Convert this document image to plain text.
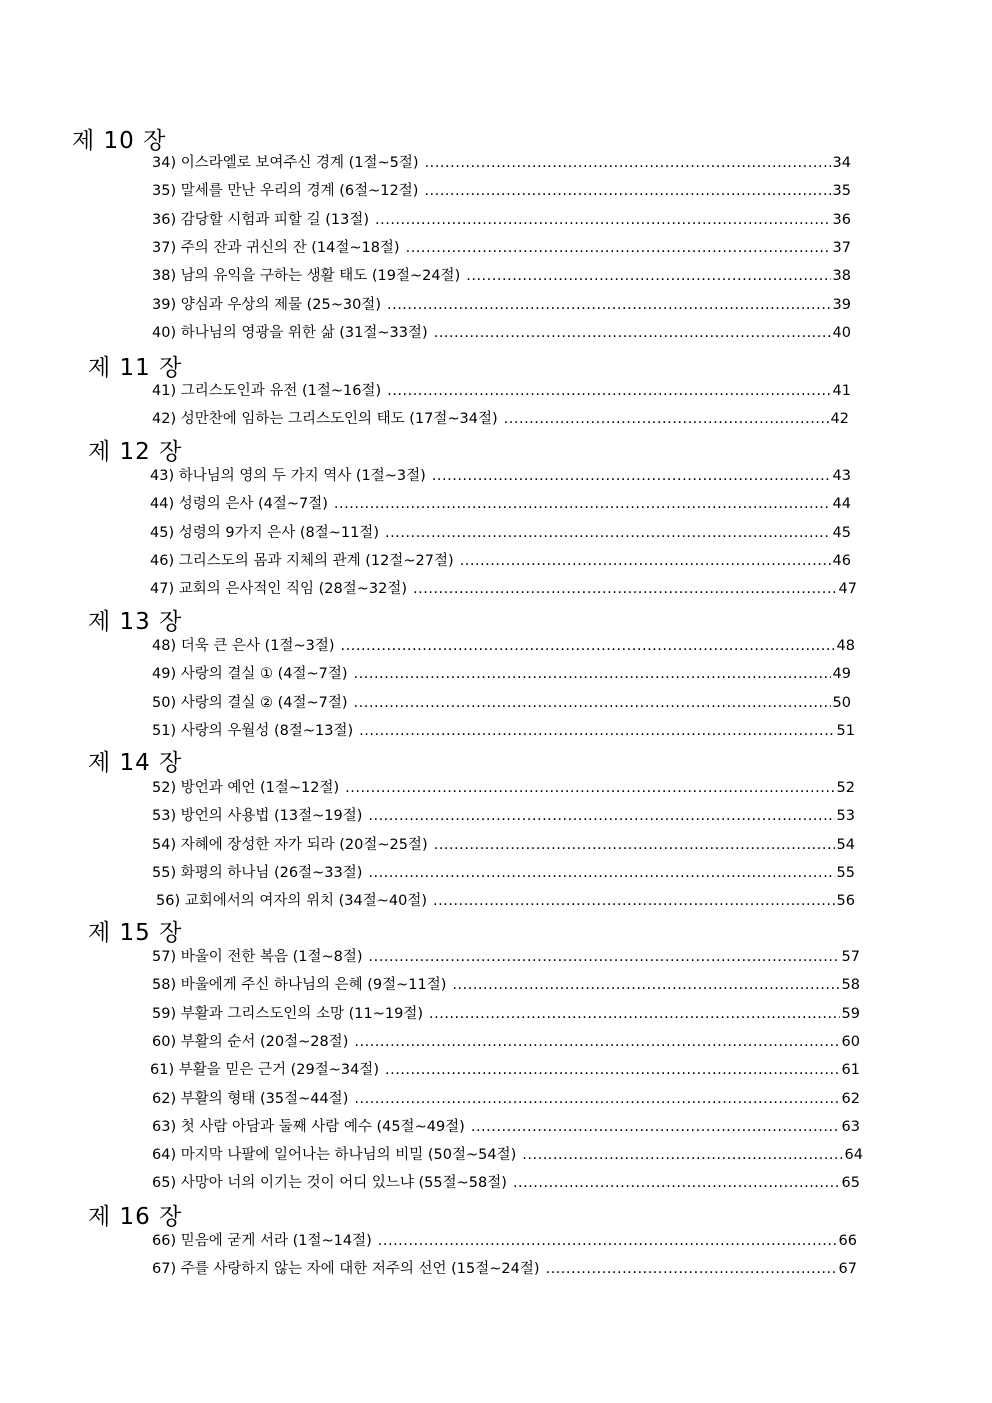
제 10 장
34) 이스라엘로 보여주신 경계 (1절~5절) .....	34
35) 말세를 만난 우리의 경계 (6절~12절) .....	35
36) 감당할 시험과 피할 길 (13절) .....	36
37) 주의 잔과 귀신의 잔 (14절~18절) .....	37
38) 남의 유익을 구하는 생활 태도 (19절~24절) .....	38
39) 양심과 우상의 제물 (25~30절) .....	39
40) 하나님의 영광을 위한 삶 (31절~33절) .....	40
제 11 장
41) 그리스도인과 유전 (1절~16절) .....	41
42) 성만찬에 임하는 그리스도인의 태도 (17절~34절) .....	42
제 12 장
43) 하나님의 영의 두 가지 역사 (1절~3절) .....	43
44) 성령의 은사 (4절~7절) .....	44
45) 성령의 9가지 은사 (8절~11절) .....	45
46) 그리스도의 몸과 지체의 관계 (12절~27절) .....	46
47) 교회의 은사적인 직임 (28절~32절) .....	47
제 13 장
48) 더욱 큰 은사 (1절~3절) .....	48
49) 사랑의 결실 ① (4절~7절) .....	49
50) 사랑의 결실 ② (4절~7절) .....	50
51) 사랑의 우월성 (8절~13절) .....	51
제 14 장
52) 방언과 예언 (1절~12절) .....	52
53) 방언의 사용법 (13절~19절) .....	53
54) 자혜에 장성한 자가 되라 (20절~25절) .....	54
55) 화평의 하나님 (26절~33절) .....	55
56) 교회에서의 여자의 위치 (34절~40절) .....	56
제 15 장
57) 바울이 전한 복음 (1절~8절) .....	57
58) 바울에게 주신 하나님의 은혜 (9절~11절) .....	58
59) 부활과 그리스도인의 소망 (11~19절) .....	59
60) 부활의 순서 (20절~28절) .....	60
61) 부활을 믿은 근거 (29절~34절) .....	61
62) 부활의 형태 (35절~44절) .....	62
63) 첫 사람 아담과 둘째 사람 예수 (45절~49절) .....	63
64) 마지막 나팔에 일어나는 하나님의 비밀 (50절~54절) .....	64
65) 사망아 너의 이기는 것이 어디 있느냐 (55절~58절) .....	65
제 16 장
66) 믿음에 굳게 서라 (1절~14절) .....	66
67) 주를 사랑하지 않는 자에 대한 저주의 선언 (15절~24절) .....	67
